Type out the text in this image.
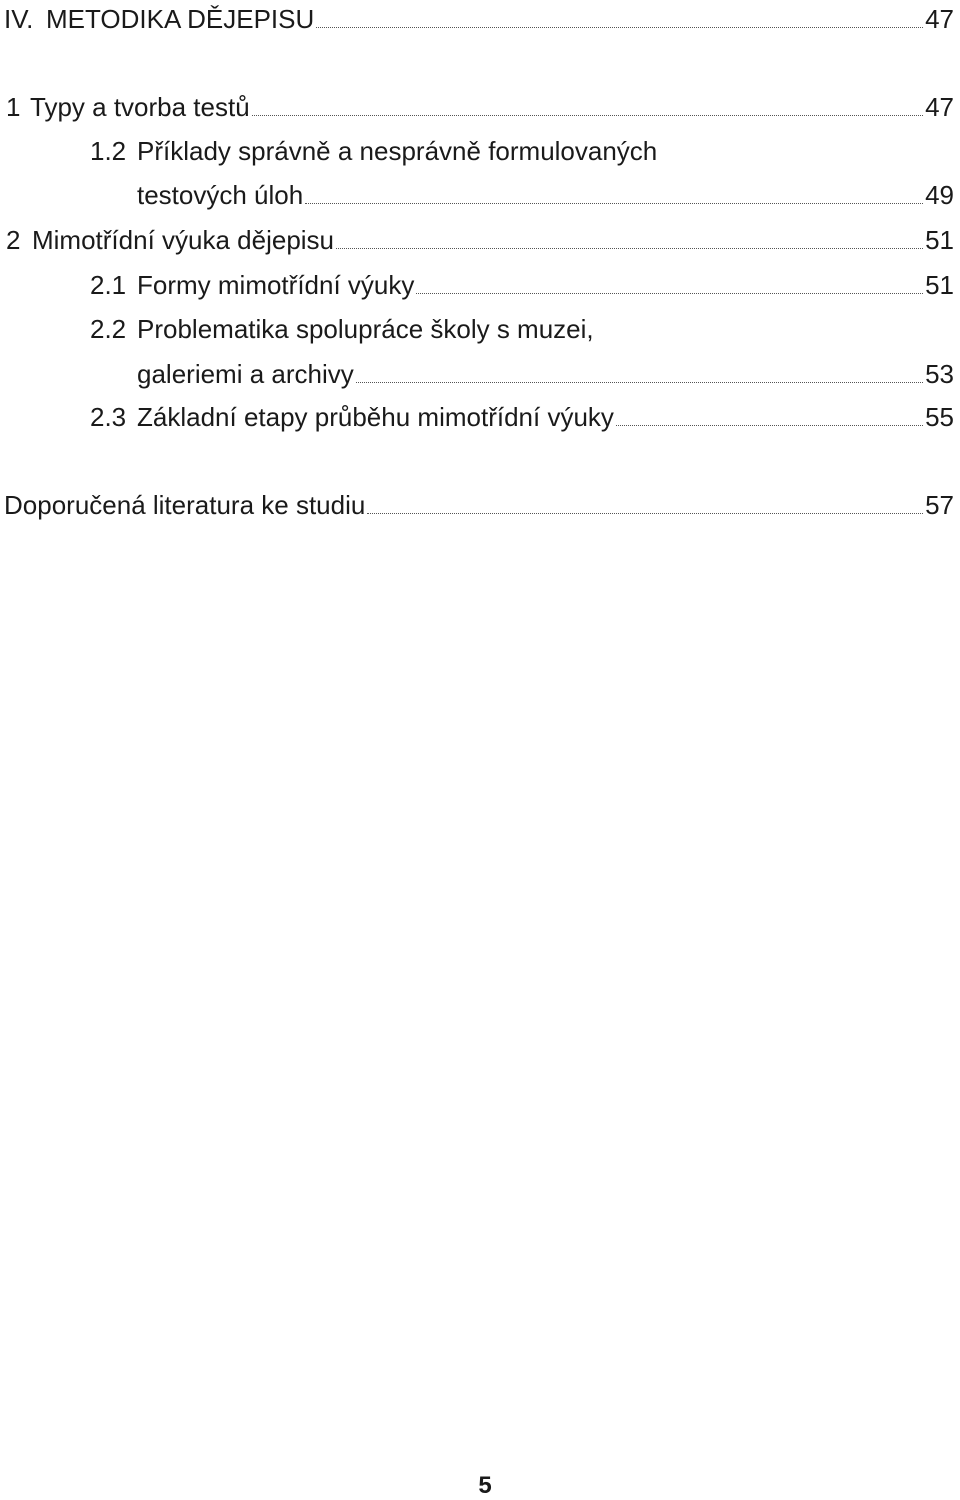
IV. METODIKA DĚJEPISU	47
1 Typy a tvorba testů	47
1.2 Příklady správně a nesprávně formulovaných
testových úloh	49
2 Mimotřídní výuka dějepisu	51
2.1 Formy mimotřídní výuky	51
2.2 Problematika spolupráce školy s muzei,
galeriemi a archivy	53
2.3 Základní etapy průběhu mimotřídní výuky	55
Doporučená literatura ke studiu	57
5
